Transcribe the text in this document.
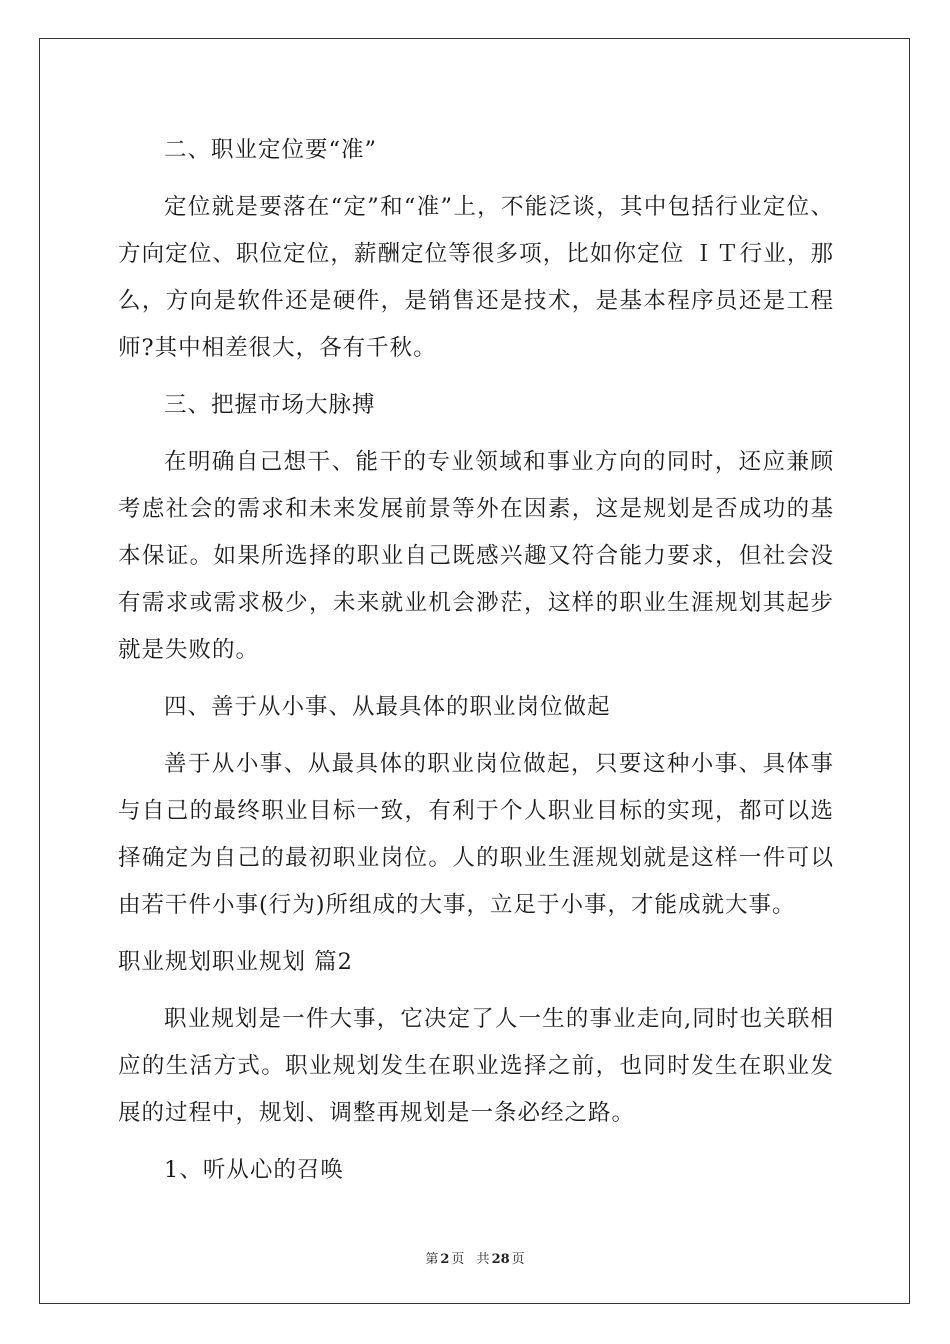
二、职业定位要“准”

定位就是要落在“定”和“准”上，不能泛谈，其中包括行业定位、方向定位、职位定位，薪酬定位等很多项，比如你定位 ＩＴ行业，那么，方向是软件还是硬件，是销售还是技术，是基本程序员还是工程师?其中相差很大，各有千秋。

三、把握市场大脉搏

在明确自己想干、能干的专业领域和事业方向的同时，还应兼顾考虑社会的需求和未来发展前景等外在因素，这是规划是否成功的基本保证。如果所选择的职业自己既感兴趣又符合能力要求，但社会没有需求或需求极少，未来就业机会渺茫，这样的职业生涯规划其起步就是失败的。

四、善于从小事、从最具体的职业岗位做起

善于从小事、从最具体的职业岗位做起，只要这种小事、具体事与自己的最终职业目标一致，有利于个人职业目标的实现，都可以选择确定为自己的最初职业岗位。人的职业生涯规划就是这样一件可以由若干件小事(行为)所组成的大事，立足于小事，才能成就大事。

职业规划职业规划 篇2

职业规划是一件大事，它决定了人一生的事业走向,同时也关联相应的生活方式。职业规划发生在职业选择之前，也同时发生在职业发展的过程中，规划、调整再规划是一条必经之路。

1、听从心的召唤

第 2 页 共 28 页
